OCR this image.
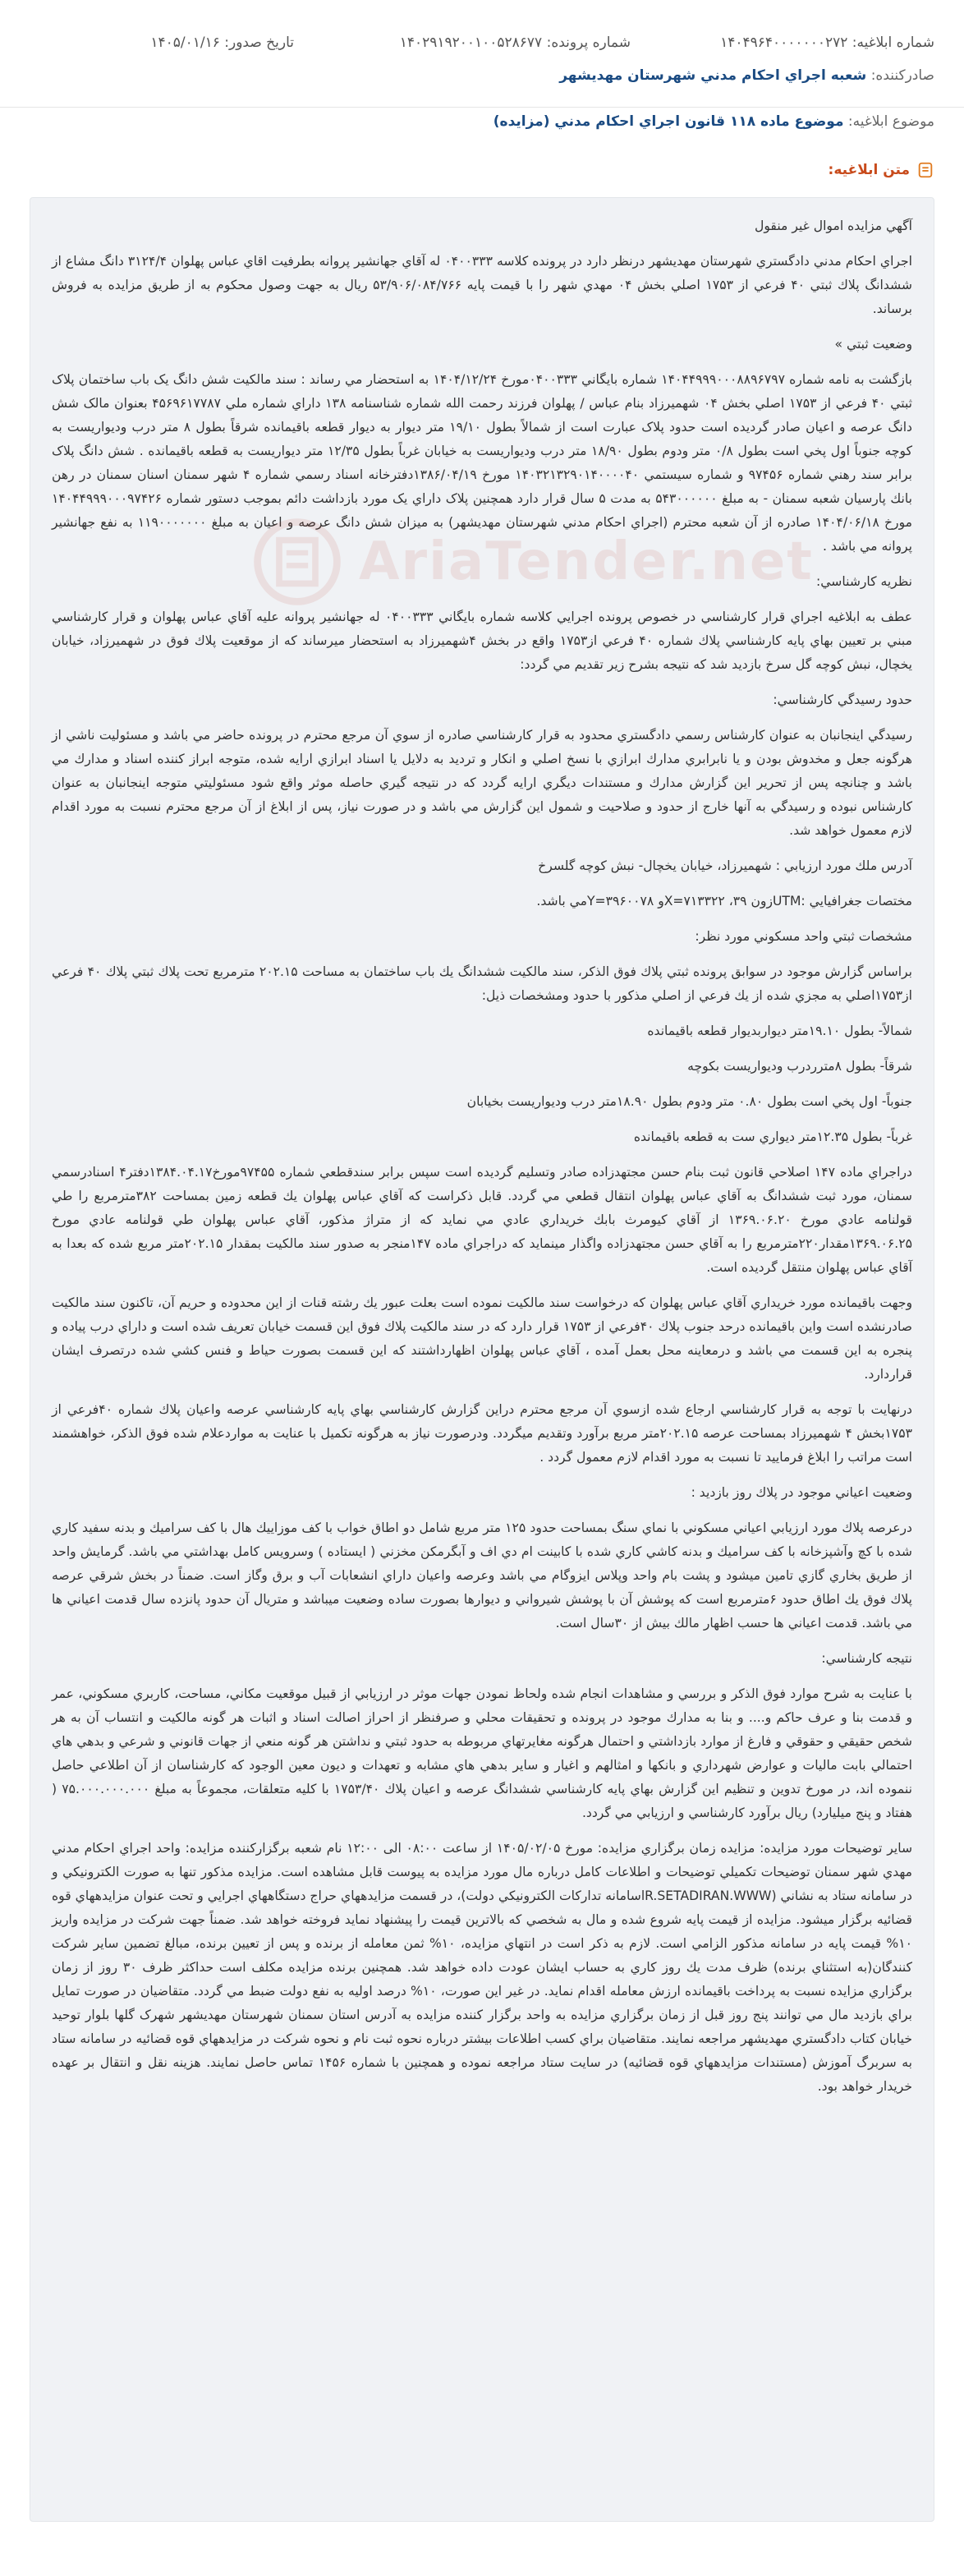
شماره ابلاغیه: ۱۴۰۴۹۶۴۰۰۰۰۰۰۰۲۷۲
شماره پرونده: ۱۴۰۲۹۱۹۲۰۰۱۰۰۵۲۸۶۷۷
تاریخ صدور: ۱۴۰۵/۰۱/۱۶
صادرکننده: شعبه اجراي احكام مدني شهرستان مهديشهر
موضوع ابلاغیه: موضوع ماده ۱۱۸ قانون اجراي احكام مدني (مزايده)
متن ابلاغیه:
AriaTender.net

آگهي مزايده اموال غير منقول

اجراي احكام مدني دادگستري شهرستان مهديشهر درنظر دارد در پرونده كلاسه ۰۴۰۰۳۳۳ له آقاي جهانشير پروانه بطرفيت اقاي عباس پهلوان ۳۱۲۴/۴ دانگ مشاع از ششدانگ پلاك ثبتي ۴۰ فرعي از ۱۷۵۳ اصلي بخش ۰۴ مهدي شهر را با قيمت پايه ۵۳/۹۰۶/۰۸۴/۷۶۶ ريال به جهت وصول محكوم به از طريق مزايده به فروش برساند.

وضعيت ثبتي »

بازگشت به نامه شماره ۱۴۰۴۴۹۹۹۰۰۰۸۸۹۶۷۹۷ شماره بايگاني ۰۴۰۰۳۳۳مورخ ۱۴۰۴/۱۲/۲۴ به استحضار مي رساند : سند مالكيت شش دانگ يک باب ساختمان پلاک ثبتي ۴۰ فرعي از ۱۷۵۳ اصلي بخش ۰۴ شهميرزاد بنام عباس / پهلوان فرزند رحمت الله شماره شناسنامه ۱۳۸ داراي شماره ملي ۴۵۶۹۶۱۷۷۸۷ بعنوان مالک شش دانگ عرصه و اعيان صادر گرديده است حدود پلاک عبارت است از شمالاً بطول ۱۹/۱۰ متر ديوار به ديوار قطعه باقيمانده شرقاً بطول ۸ متر درب وديواريست به کوچه جنوباً اول پخي است بطول ۰/۸ متر ودوم بطول ۱۸/۹۰ متر درب وديواريست به خيابان غرباً بطول ۱۲/۳۵ متر ديواريست به قطعه باقيمانده . شش دانگ پلاک برابر سند رهني شماره ۹۷۴۵۶ و شماره سيستمي ۱۴۰۳۲۱۳۲۹۰۱۴۰۰۰۰۴۰ مورخ ۱۳۸۶/۰۴/۱۹دفترخانه اسناد رسمي شماره ۴ شهر سمنان اسنان سمنان در رهن بانك پارسيان شعبه سمنان - به مبلغ ۵۴۳۰۰۰۰۰۰ به مدت ۵ سال قرار دارد همچنين پلاک داراي يک مورد بازداشت دائم بموجب دستور شماره ۱۴۰۴۴۹۹۹۰۰۰۹۷۴۲۶ مورخ ۱۴۰۴/۰۶/۱۸ صادره از آن شعبه محترم (اجراي احكام مدني شهرستان مهديشهر) به ميزان شش دانگ عرصه و اعيان به مبلغ ۱۱۹۰۰۰۰۰۰۰ به نفع جهانشير پروانه مي باشد .

نظريه كارشناسي:

عطف به ابلاغيه اجراي قرار كارشناسي در خصوص پرونده اجرايي كلاسه شماره بايگاني ۰۴۰۰۳۳۳ له جهانشير پروانه عليه آقاي عباس پهلوان و قرار كارشناسي مبني بر تعيين بهاي پايه كارشناسي پلاك شماره ۴۰ فرعي از۱۷۵۳ واقع در بخش ۴شهميرزاد به استحضار ميرساند كه از موقعيت پلاك فوق در شهميرزاد، خيابان يخچال، نبش كوچه گل سرخ بازديد شد كه نتيجه بشرح زير تقديم مي گردد:

حدود رسيدگي كارشناسي:

رسيدگي اينجانبان به عنوان كارشناس رسمي دادگستري محدود به قرار كارشناسي صادره از سوي آن مرجع محترم در پرونده حاضر مي باشد و مسئوليت ناشي از هرگونه جعل و مخدوش بودن و يا نابرابري مدارك ابرازي با نسخ اصلي و انكار و ترديد به دلايل يا اسناد ابرازي ارايه شده، متوجه ابراز كننده اسناد و مدارك مي باشد و چنانچه پس از تحرير اين گزارش مدارك و مستندات ديگري ارايه گردد كه در نتيجه گيري حاصله موثر واقع شود مسئوليتي متوجه اينجانبان به عنوان كارشناس نبوده و رسيدگي به آنها خارج از حدود و صلاحيت و شمول اين گزارش مي باشد و در صورت نياز، پس از ابلاغ از آن مرجع محترم نسبت به مورد اقدام لازم معمول خواهد شد.

آدرس ملك مورد ارزيابي : شهميرزاد، خيابان يخچال- نبش كوچه گلسرخ

مختصات جغرافيايي :UTMزون ۳۹، X=۷۱۳۳۲۲و Y=۳۹۶۰۰۷۸مي باشد.

مشخصات ثبتي واحد مسكوني مورد نظر:

براساس گزارش موجود در سوابق پرونده ثبتي پلاك فوق الذكر، سند مالكيت ششدانگ يك باب ساختمان به مساحت ۲۰۲.۱۵ مترمربع تحت پلاك ثبتي پلاك ۴۰ فرعي از۱۷۵۳اصلي به مجزي شده از يك فرعي از اصلي مذكور با حدود ومشخصات ذيل:

شمالاً- بطول ۱۹.۱۰متر ديواربديوار قطعه باقيمانده

شرقاً- بطول ۸مترردرب وديواريست بكوچه

جنوباً- اول پخي است بطول ۰.۸۰ متر ودوم بطول ۱۸.۹۰متر درب وديواريست بخيابان

غرباً- بطول ۱۲.۳۵متر ديواري ست به قطعه باقيمانده

دراجراي ماده ۱۴۷ اصلاحي قانون ثبت بنام حسن مجتهدزاده صادر وتسليم گرديده است سپس برابر سندقطعي شماره ۹۷۴۵۵مورخ۱۳۸۴.۰۴.۱۷دفتر۴ اسنادرسمي سمنان، مورد ثبت ششدانگ به آقاي عباس پهلوان انتقال قطعي مي گردد. قابل ذكراست كه آقاي عباس پهلوان يك قطعه زمين بمساحت ۳۸۲مترمربع را طي قولنامه عادي مورخ ۱۳۶۹.۰۶.۲۰ از آقاي كيومرث بابك خريداري عادي مي نمايد كه از متراژ مذكور، آقاي عباس پهلوان طي قولنامه عادي مورخ ۱۳۶۹.۰۶.۲۵مقدار۲۲۰مترمربع را به آقاي حسن مجتهدزاده واگذار مينمايد كه دراجراي ماده ۱۴۷منجر به صدور سند مالكيت بمقدار ۲۰۲.۱۵متر مربع شده كه بعدا به آقاي عباس پهلوان منتقل گرديده است.

وجهت باقيمانده مورد خريداري آقاي عباس پهلوان كه درخواست سند مالكيت نموده است بعلت عبور يك رشته قنات از اين محدوده و حريم آن، تاكنون سند مالكيت صادرنشده است واين باقيمانده درحد جنوب پلاك ۴۰فرعي از ۱۷۵۳ قرار دارد كه در سند مالكيت پلاك فوق اين قسمت خيابان تعريف شده است و داراي درب پياده و پنجره به اين قسمت مي باشد و درمعاينه محل بعمل آمده ، آقاي عباس پهلوان اظهارداشتند كه اين قسمت بصورت حياط و فنس كشي شده درتصرف ايشان قراردارد.

درنهايت با توجه به قرار كارشناسي ارجاع شده ازسوي آن مرجع محترم دراين گزارش كارشناسي بهاي پايه كارشناسي عرصه واعيان پلاك شماره ۴۰فرعي از ۱۷۵۳بخش ۴ شهميرزاد بمساحت عرصه ۲۰۲.۱۵متر مربع برآورد وتقديم ميگردد. ودرصورت نياز به هرگونه تكميل با عنايت به مواردعلام شده فوق الذكر، خواهشمند است مراتب را ابلاغ فرماييد تا نسبت به مورد اقدام لازم معمول گردد .

وضعيت اعياني موجود در پلاك روز بازديد :

درعرصه پلاك مورد ارزيابي اعياني مسكوني با نماي سنگ بمساحت حدود ۱۲۵ متر مربع شامل دو اطاق خواب با كف موزاييك هال با كف سراميك و بدنه سفيد كاري شده با كچ وآشپزخانه با كف سراميك و بدنه كاشي كاري شده با كابينت ام دي اف و آبگرمكن مخزني ( ايستاده ) وسرويس كامل بهداشتي مي باشد. گرمايش واحد از طريق بخاري گازي تامين ميشود و پشت بام واحد وپلاس ايزوگام مي باشد وعرصه واعيان داراي انشعابات آب و برق وگاز است. ضمناً در بخش شرقي عرصه پلاك فوق يك اطاق حدود ۶مترمربع است كه پوشش آن با پوشش شيرواني و ديوارها بصورت ساده وضعيت ميباشد و متريال آن حدود پانزده سال قدمت اعياني ها مي باشد. قدمت اعياني ها حسب اظهار مالك بيش از ۳۰سال است.

نتيجه كارشناسي:

با عنايت به شرح موارد فوق الذكر و بررسي و مشاهدات انجام شده ولحاظ نمودن جهات موثر در ارزيابي از قبيل موقعيت مكاني، مساحت، كاربري مسكوني، عمر و قدمت بنا و عرف حاكم و.... و بنا به مدارك موجود در پرونده و تحقيقات محلي و صرفنظر از احراز اصالت اسناد و اثبات هر گونه مالكيت و انتساب آن به هر شخص حقيقي و حقوقي و فارغ از موارد بازداشتي و احتمال هرگونه مغايرتهاي مربوطه به حدود ثبتي و نداشتن هر گونه منعي از جهات قانوني و شرعي و بدهي هاي احتمالي بابت ماليات و عوارض شهرداري و بانكها و امثالهم و اغيار و ساير بدهي هاي مشابه و تعهدات و ديون معين الوجود كه كارشناسان از آن اطلاعي حاصل ننموده اند، در مورخ تدوين و تنظيم اين گزارش بهاي پايه كارشناسي ششدانگ عرصه و اعيان پلاك ۱۷۵۳/۴۰ با كليه متعلقات، مجموعاً به مبلغ ۷۵.۰۰۰.۰۰۰.۰۰۰ ( هفتاد و پنج ميليارد) ريال برآورد كارشناسي و ارزيابي مي گردد.

ساير توضيحات مورد مزايده: مزايده زمان برگزاري مزايده: مورخ ۱۴۰۵/۰۲/۰۵ از ساعت ۰۸:۰۰ الی ۱۲:۰۰ نام شعبه برگزاركننده مزايده: واحد اجراي احكام مدني مهدي شهر سمنان توضيحات تكميلي توضيحات و اطلاعات كامل درباره مال مورد مزايده به پيوست قابل مشاهده است. مزايده مذكور تنها به صورت الكترونيكي و در سامانه ستاد به نشاني (R.SETADIRAN.WWWاسامانه تداركات الكترونيكي دولت)، در قسمت مزايدههاي حراج دستگاههاي اجرايي و تحت عنوان مزايدههاي قوه قضائيه برگزار ميشود. مزايده از قيمت پايه شروع شده و مال به شخصي كه بالاترين قيمت را پيشنهاد نمايد فروخته خواهد شد. ضمناً جهت شركت در مزايده واريز ۱۰% قيمت پايه در سامانه مذكور الزامي است. لازم به ذكر است در انتهاي مزايده، ۱۰% ثمن معامله از برنده و پس از تعيين برنده، مبالغ تضمين ساير شركت كنندگان(به استثناي برنده) ظرف مدت يك روز كاري به حساب ايشان عودت داده خواهد شد. همچنين برنده مزايده مكلف است حداكثر ظرف ۳۰ روز از زمان برگزاري مزايده نسبت به پرداخت باقيمانده ارزش معامله اقدام نمايد. در غير اين صورت، ۱۰% درصد اوليه به نفع دولت ضبط مي گردد. متقاضيان در صورت تمايل براي بازديد مال مي توانند پنج روز قبل از زمان برگزاري مزايده به واحد برگزار كننده مزايده به آدرس استان سمنان شهرستان مهديشهر شهرک گلها بلوار توحيد خيابان كتاب دادگستري مهديشهر مراجعه نمايند. متقاضيان براي كسب اطلاعات بيشتر درباره نحوه ثبت نام و نحوه شركت در مزايدههاي قوه قضائيه در سامانه ستاد به سربرگ آموزش (مستندات مزايدههاي قوه قضائيه) در سايت ستاد مراجعه نموده و همچنين با شماره ۱۴۵۶ تماس حاصل نمايند. هزينه نقل و انتقال بر عهده خريدار خواهد بود.
